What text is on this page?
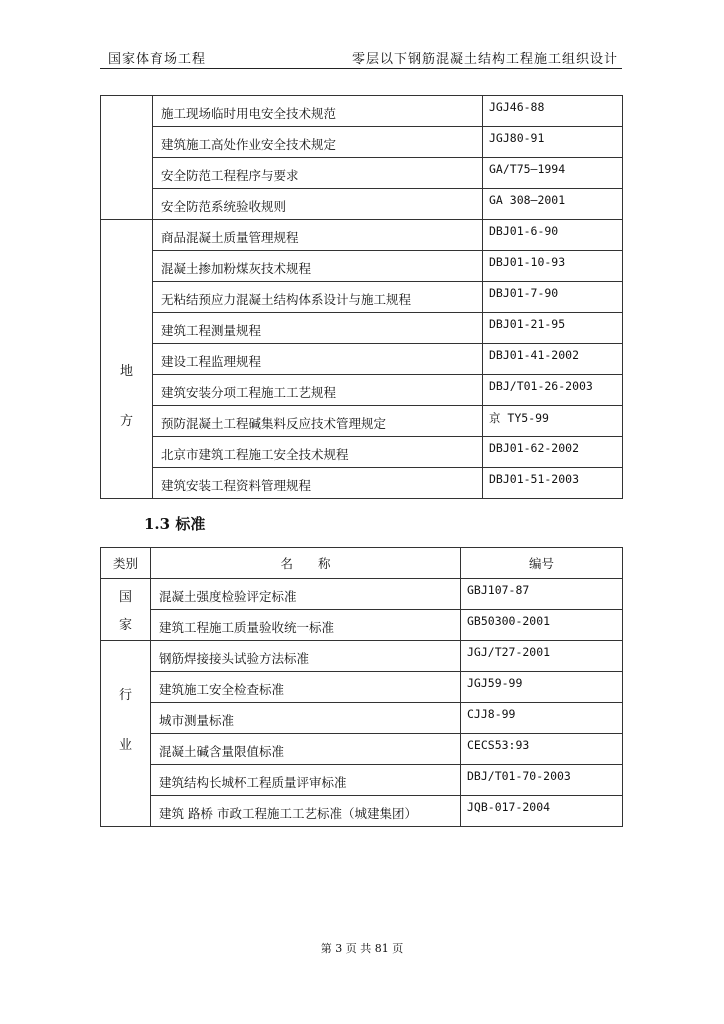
国家体育场工程	零层以下钢筋混凝土结构工程施工组织设计
	施工现场临时用电安全技术规范	JGJ46-88
	建筑施工高处作业安全技术规定	JGJ80-91
	安全防范工程程序与要求	GA/T75—1994
	安全防范系统验收规则	GA 308—2001

地
方	商品混凝土质量管理规程	DBJ01-6-90
	混凝土掺加粉煤灰技术规程	DBJ01-10-93
	无粘结预应力混凝土结构体系设计与施工规程	DBJ01-7-90
	建筑工程测量规程	DBJ01-21-95
	建设工程监理规程	DBJ01-41-2002
	建筑安装分项工程施工工艺规程	DBJ/T01-26-2003
	预防混凝土工程碱集料反应技术管理规定	京 TY5-99
	北京市建筑工程施工安全技术规程	DBJ01-62-2002
	建筑安装工程资料管理规程	DBJ01-51-2003
1.3 标准
类别	名　　称	编号

国
家	混凝土强度检验评定标准	GBJ107-87
	建筑工程施工质量验收统一标准	GB50300-2001

行
业	钢筋焊接接头试验方法标准	JGJ/T27-2001
	建筑施工安全检查标准	JGJ59-99
	城市测量标准	CJJ8-99
	混凝土碱含量限值标准	CECS53:93
	建筑结构长城杯工程质量评审标准	DBJ/T01-70-2003
	建筑 路桥 市政工程施工工艺标准（城建集团）	JQB-017-2004
第 3 页 共 81 页
